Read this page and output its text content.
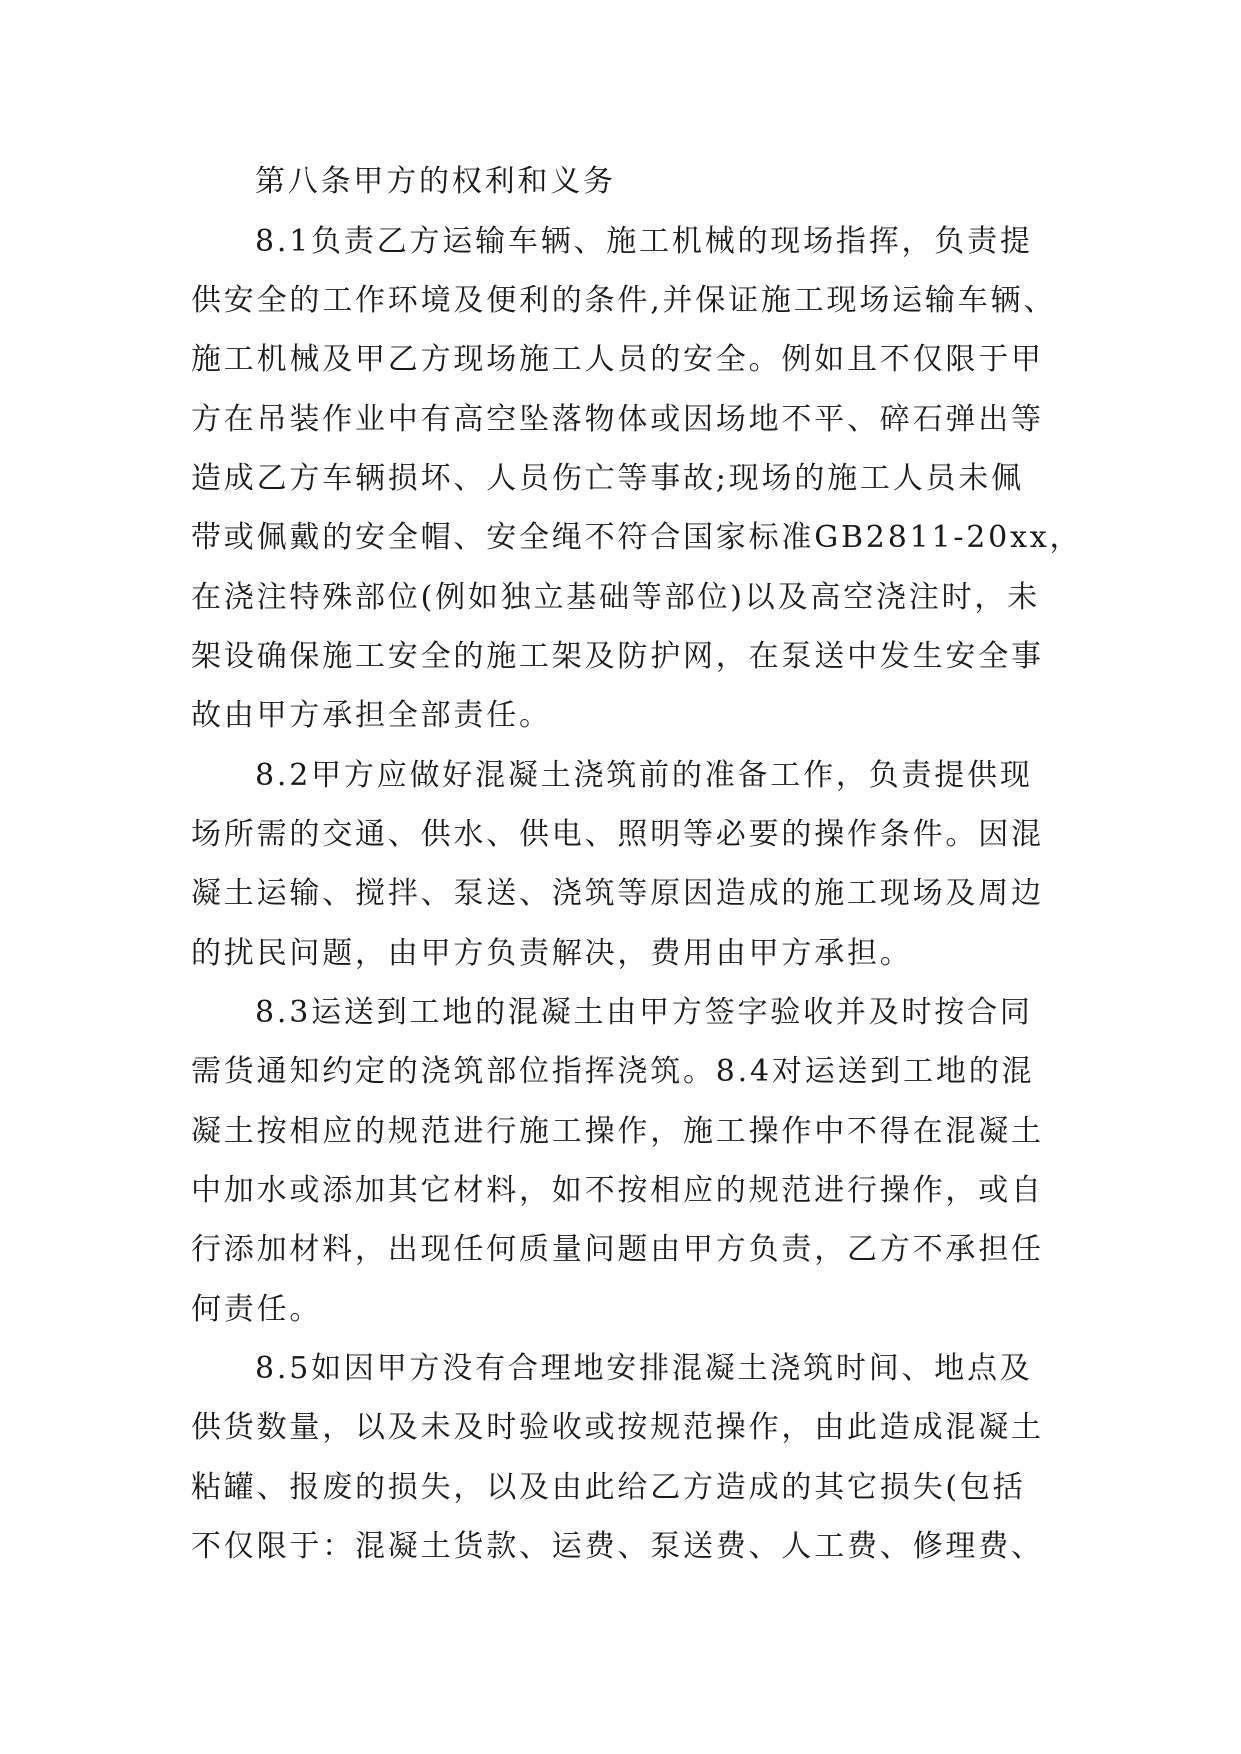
第八条甲方的权利和义务
8.1负责乙方运输车辆、施工机械的现场指挥，负责提
供安全的工作环境及便利的条件,并保证施工现场运输车辆、
施工机械及甲乙方现场施工人员的安全。例如且不仅限于甲
方在吊装作业中有高空坠落物体或因场地不平、碎石弹出等
造成乙方车辆损坏、人员伤亡等事故;现场的施工人员未佩
带或佩戴的安全帽、安全绳不符合国家标准GB2811-20xx，
在浇注特殊部位(例如独立基础等部位)以及高空浇注时，未
架设确保施工安全的施工架及防护网，在泵送中发生安全事
故由甲方承担全部责任。
8.2甲方应做好混凝土浇筑前的准备工作，负责提供现
场所需的交通、供水、供电、照明等必要的操作条件。因混
凝土运输、搅拌、泵送、浇筑等原因造成的施工现场及周边
的扰民问题，由甲方负责解决，费用由甲方承担。
8.3运送到工地的混凝土由甲方签字验收并及时按合同
需货通知约定的浇筑部位指挥浇筑。8.4对运送到工地的混
凝土按相应的规范进行施工操作，施工操作中不得在混凝土
中加水或添加其它材料，如不按相应的规范进行操作，或自
行添加材料，出现任何质量问题由甲方负责，乙方不承担任
何责任。
8.5如因甲方没有合理地安排混凝土浇筑时间、地点及
供货数量，以及未及时验收或按规范操作，由此造成混凝土
粘罐、报废的损失，以及由此给乙方造成的其它损失(包括
不仅限于：混凝土货款、运费、泵送费、人工费、修理费、
